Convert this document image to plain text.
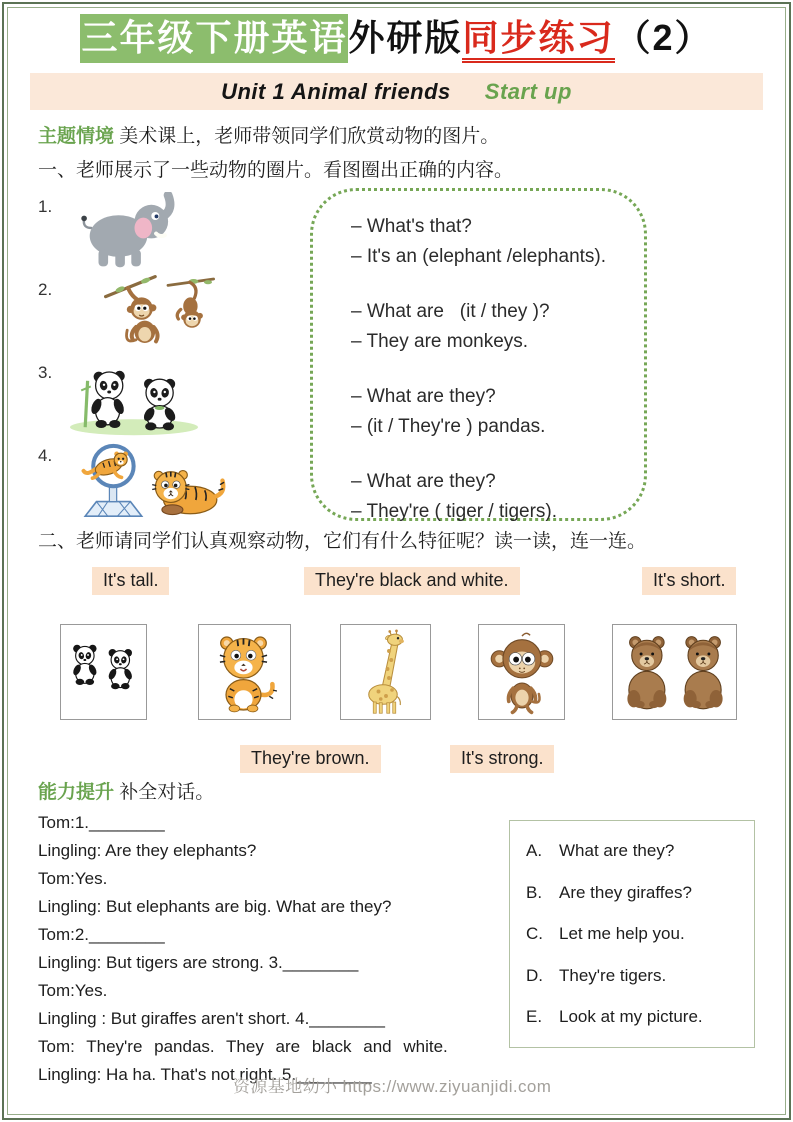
三年级下册英语外研版同步练习（2）
Unit 1 Animal friends Start up

主题情境 美术课上，老师带领同学们欣赏动物的图片。

一、老师展示了一些动物的圈片。看图圈出正确的内容。

1.
2.
3.
4.

– What's that?

– It's an (elephant /elephants).

– What are   (it / they )?

– They are monkeys.

– What are they?

– (it / They're ) pandas.

– What are they?

– They're ( tiger / tigers).

二、老师请同学们认真观察动物，它们有什么特征呢？读一读，连一连。

It's tall.	They're black and white.	It's short.
They're brown.	It's strong.

能力提升 补全对话。

Tom:1.________

Lingling: Are they elephants?

Tom:Yes.

Lingling: But elephants are big. What are they?

Tom:2.________

Lingling: But tigers are strong. 3.________

Tom:Yes.

Lingling : But giraffes aren't short. 4.________

Tom: They're pandas. They are black and white.

Lingling: Ha ha. That's not right. 5.________

A. What are they?
B. Are they giraffes?
C. Let me help you.
D. They're tigers.
E. Look at my picture.
资源基地幼小 https://www.ziyuanjidi.com
